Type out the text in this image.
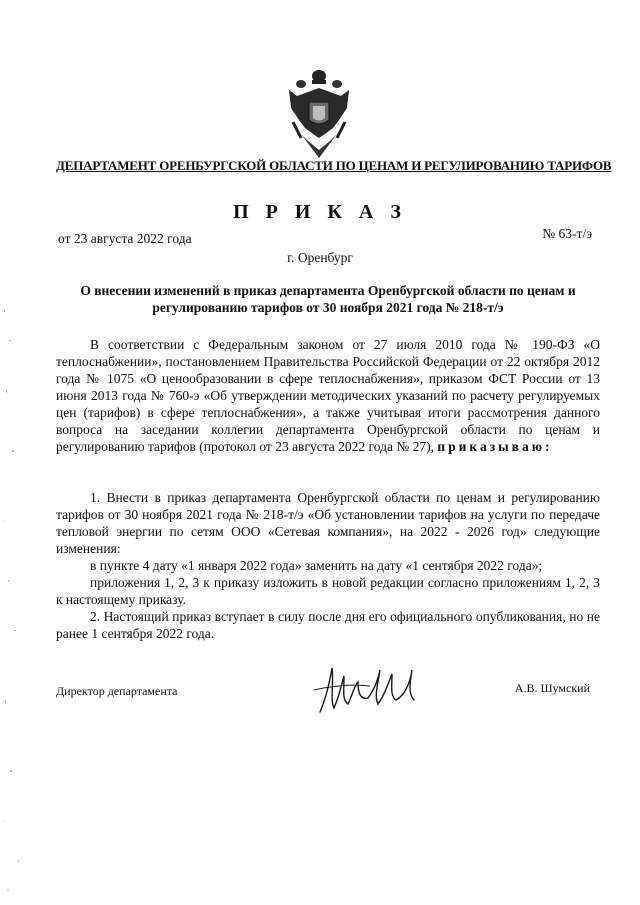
ДЕПАРТАМЕНТ ОРЕНБУРГСКОЙ ОБЛАСТИ ПО ЦЕНАМ И РЕГУЛИРОВАНИЮ ТАРИФОВ
П Р И К А З
от 23 августа 2022 года	№ 63-т/э
г. Оренбург
О внесении изменений в приказ департамента Оренбургской области по ценам и регулированию тарифов от 30 ноября 2021 года № 218-т/э

В соответствии с Федеральным законом от 27 июля 2010 года № 190-ФЗ «О теплоснабжении», постановлением Правительства Российской Федерации от 22 октября 2012 года № 1075 «О ценообразовании в сфере теплоснабжения», приказом ФСТ России от 13 июня 2013 года № 760-э «Об утверждении методических указаний по расчету регулируемых цен (тарифов) в сфере теплоснабжения», а также учитывая итоги рассмотрения данного вопроса на заседании коллегии департамента Оренбургской области по ценам и регулированию тарифов (протокол от 23 августа 2022 года № 27), приказываю:

1. Внести в приказ департамента Оренбургской области по ценам и регулированию тарифов от 30 ноября 2021 года № 218-т/э «Об установлении тарифов на услуги по передаче тепловой энергии по сетям ООО «Сетевая компания», на 2022 - 2026 год» следующие изменения:

в пункте 4 дату «1 января 2022 года» заменить на дату «1 сентября 2022 года»;

приложения 1, 2, 3 к приказу изложить в новой редакции согласно приложениям 1, 2, 3 к настоящему приказу.

2. Настоящий приказ вступает в силу после дня его официального опубликования, но не ранее 1 сентября 2022 года.

Директор департамента	А.В. Шумский
